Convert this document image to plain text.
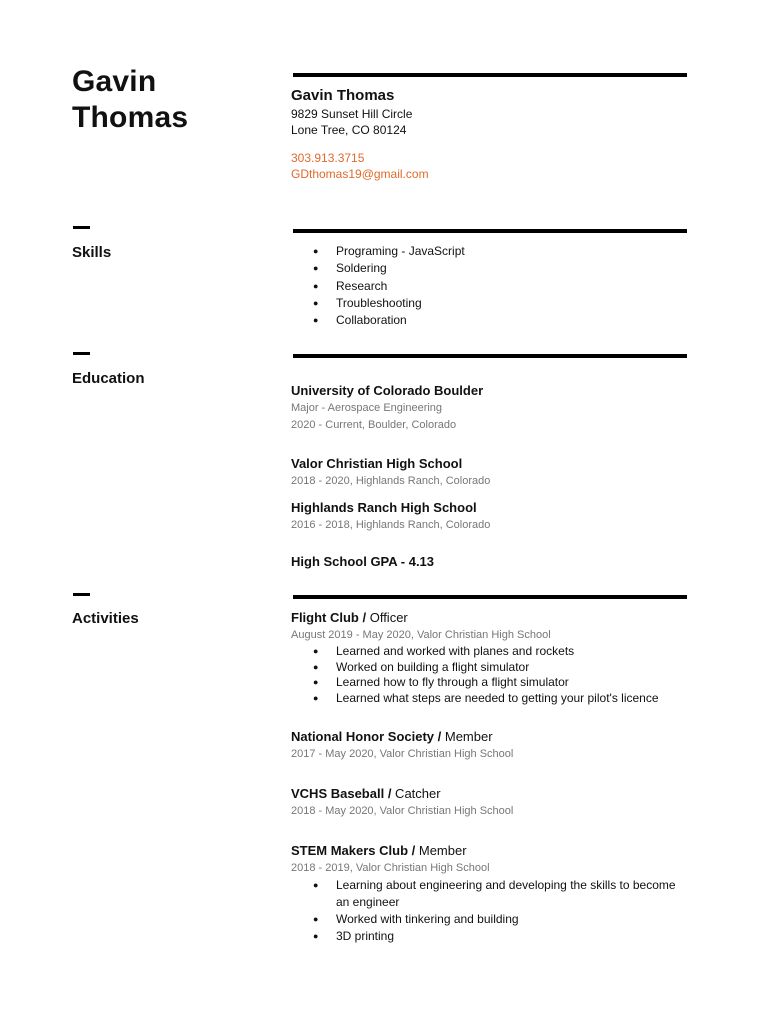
Gavin
Thomas
Gavin Thomas
9829 Sunset Hill Circle
Lone Tree, CO 80124
303.913.3715
GDthomas19@gmail.com
Skills
●	Programing - JavaScript
● Soldering
● Research
● Troubleshooting
● Collaboration
Education
University of Colorado Boulder
Major - Aerospace Engineering
2020 - Current, Boulder, Colorado
Valor Christian High School
2018 - 2020, Highlands Ranch, Colorado
Highlands Ranch High School
2016 - 2018, Highlands Ranch, Colorado
High School GPA - 4.13
Activities	Flight Club / Officer
August 2019 - May 2020, Valor Christian High School
● Learned and worked with planes and rockets
● Worked on building a flight simulator
● Learned how to fly through a flight simulator
● Learned what steps are needed to getting your pilot's licence
National Honor Society / Member
2017 - May 2020, Valor Christian High School
VCHS Baseball / Catcher
2018 - May 2020, Valor Christian High School
STEM Makers Club / Member
2018 - 2019, Valor Christian High School
● Learning about engineering and developing the skills to become an engineer
● Worked with tinkering and building
● 3D printing
